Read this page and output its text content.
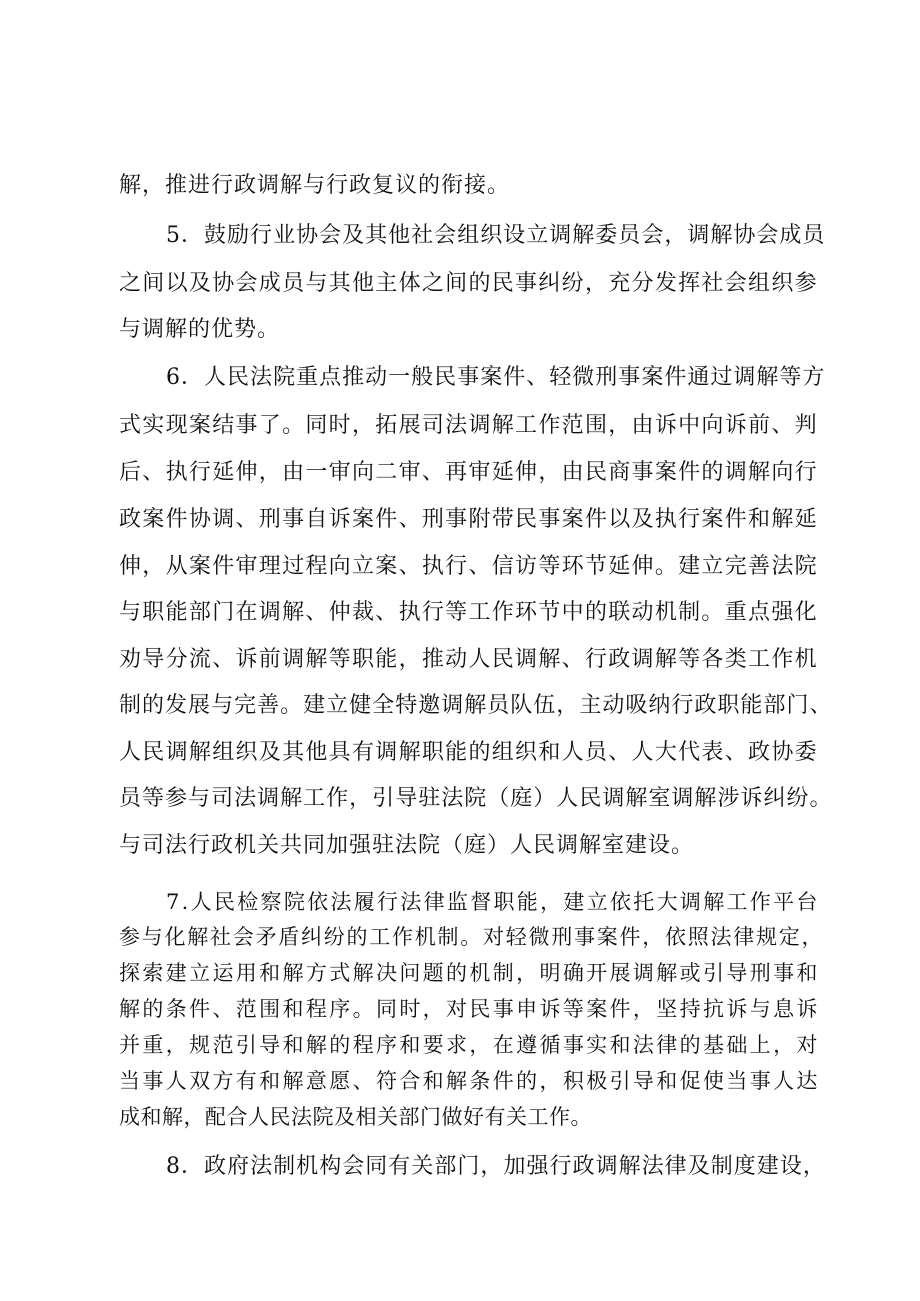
解，推进行政调解与行政复议的衔接。
5 ． 鼓 励 行 业 协 会 及 其 他 社 会 组 织 设 立 调 解 委 员 会 ， 调 解 协 会 成 员
之 间 以 及 协 会 成 员 与 其 他 主 体 之 间 的 民 事 纠 纷 ， 充 分 发 挥 社 会 组 织 参
与调解的优势。
6 ． 人 民 法 院 重 点 推 动 一 般 民 事 案 件 、 轻 微 刑 事 案 件 通 过 调 解 等 方
式 实 现 案 结 事 了 。 同 时 ， 拓 展 司 法 调 解 工 作 范 围 ， 由 诉 中 向 诉 前 、 判
后 、 执 行 延 伸 ， 由 一 审 向 二 审 、 再 审 延 伸 ， 由 民 商 事 案 件 的 调 解 向 行
政 案 件 协 调 、 刑 事 自 诉 案 件 、 刑 事 附 带 民 事 案 件 以 及 执 行 案 件 和 解 延
伸 ， 从 案 件 审 理 过 程 向 立 案 、 执 行 、 信 访 等 环 节 延 伸 。 建 立 完 善 法 院
与 职 能 部 门 在 调 解 、 仲 裁 、 执 行 等 工 作 环 节 中 的 联 动 机 制 。 重 点 强 化
劝 导 分 流 、 诉 前 调 解 等 职 能 ， 推 动 人 民 调 解 、 行 政 调 解 等 各 类 工 作 机
制 的 发 展 与 完 善 。 建 立 健 全 特 邀 调 解 员 队 伍 ， 主 动 吸 纳 行 政 职 能 部 门 、
人 民 调 解 组 织 及 其 他 具 有 调 解 职 能 的 组 织 和 人 员 、 人 大 代 表 、 政 协 委
员 等 参 与 司 法 调 解 工 作 ， 引 导 驻 法 院 （ 庭 ） 人 民 调 解 室 调 解 涉 诉 纠 纷 。
与司法行政机关共同加强驻法院（庭）人民调解室建设。
7 . 人 民 检 察 院 依 法 履 行 法 律 监 督 职 能 ， 建 立 依 托 大 调 解 工 作 平 台
参 与 化 解 社 会 矛 盾 纠 纷 的 工 作 机 制 。 对 轻 微 刑 事 案 件 ， 依 照 法 律 规 定 ，
探 索 建 立 运 用 和 解 方 式 解 决 问 题 的 机 制 ， 明 确 开 展 调 解 或 引 导 刑 事 和
解 的 条 件 、 范 围 和 程 序 。 同 时 ， 对 民 事 申 诉 等 案 件 ， 坚 持 抗 诉 与 息 诉
并 重 ， 规 范 引 导 和 解 的 程 序 和 要 求 ， 在 遵 循 事 实 和 法 律 的 基 础 上 ， 对
当 事 人 双 方 有 和 解 意 愿 、 符 合 和 解 条 件 的 ， 积 极 引 导 和 促 使 当 事 人 达
成和解，配合人民法院及相关部门做好有关工作。
8 ． 政 府 法 制 机 构 会 同 有 关 部 门 ， 加 强 行 政 调 解 法 律 及 制 度 建 设 ，
